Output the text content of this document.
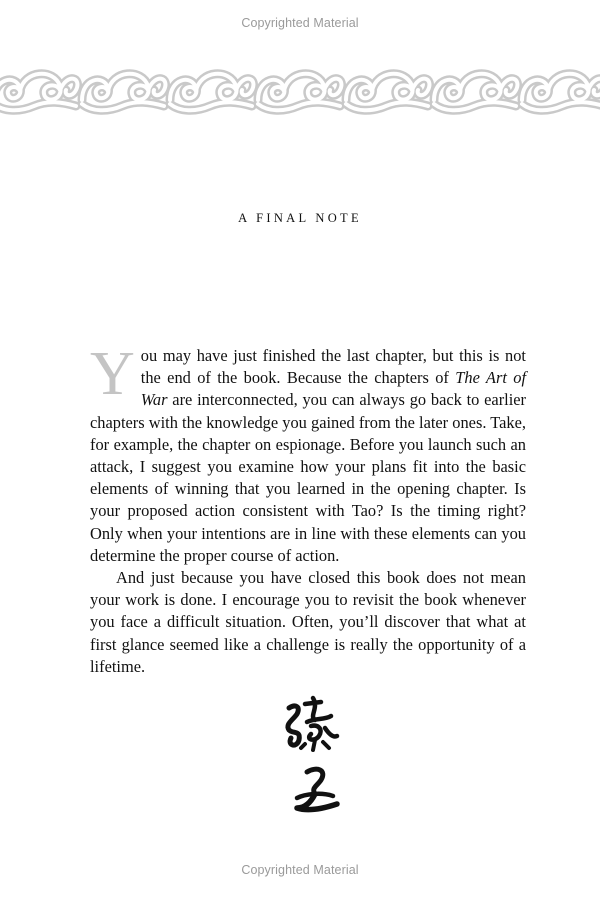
Copyrighted Material
A FINAL NOTE

You may have just finished the last chapter, but this is not the end of the book. Because the chapters of The Art of War are interconnected, you can always go back to earlier chapters with the knowledge you gained from the later ones. Take, for example, the chapter on espionage. Before you launch such an attack, I suggest you examine how your plans fit into the basic elements of winning that you learned in the opening chapter. Is your proposed action consistent with Tao? Is the timing right? Only when your intentions are in line with these elements can you determine the proper course of action.

And just because you have closed this book does not mean your work is done. I encourage you to revisit the book whenever you face a difficult situation. Often, you’ll discover that what at first glance seemed like a challenge is really the opportunity of a lifetime.

Copyrighted Material
